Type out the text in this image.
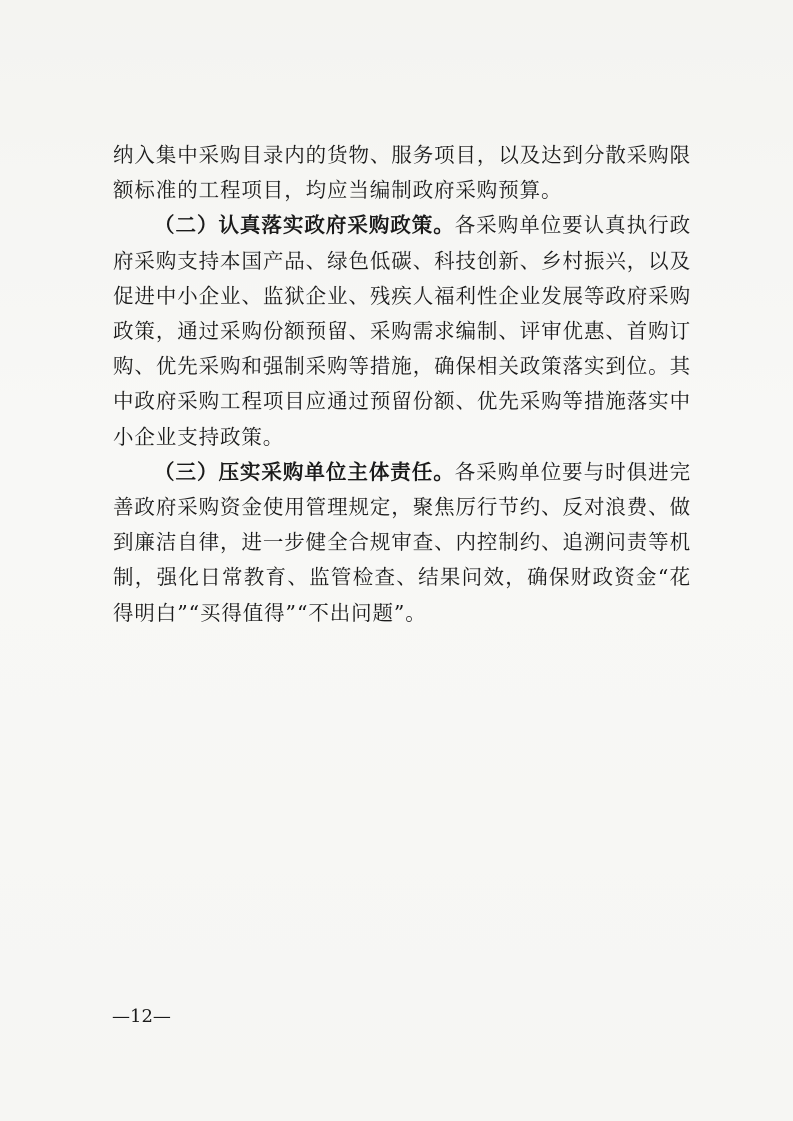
纳入集中采购目录内的货物、服务项目，以及达到分散采购限额标准的工程项目，均应当编制政府采购预算。

（二）认真落实政府采购政策。各采购单位要认真执行政府采购支持本国产品、绿色低碳、科技创新、乡村振兴，以及促进中小企业、监狱企业、残疾人福利性企业发展等政府采购政策，通过采购份额预留、采购需求编制、评审优惠、首购订购、优先采购和强制采购等措施，确保相关政策落实到位。其中政府采购工程项目应通过预留份额、优先采购等措施落实中小企业支持政策。

（三）压实采购单位主体责任。各采购单位要与时俱进完善政府采购资金使用管理规定，聚焦厉行节约、反对浪费、做到廉洁自律，进一步健全合规审查、内控制约、追溯问责等机制，强化日常教育、监管检查、结果问效，确保财政资金“花得明白”“买得值得”“不出问题”。

—12—
